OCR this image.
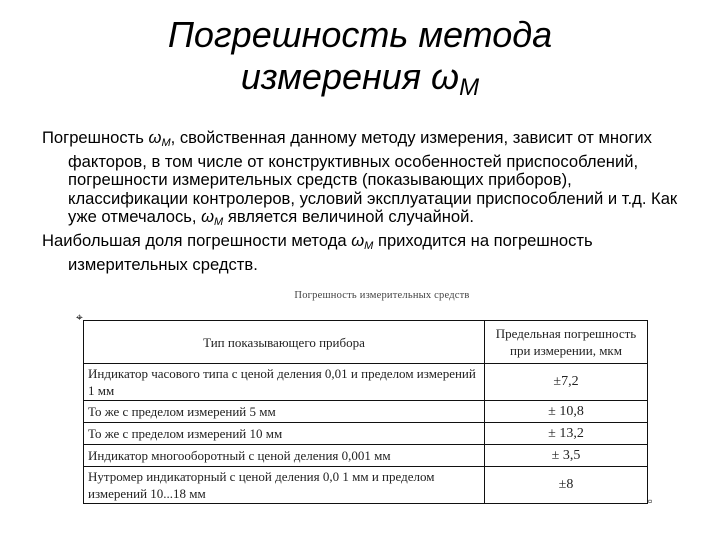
Погрешность метода
измерения ωM

Погрешность $\omega_M$, свойственная данному методу измерения, зависит от многих факторов, в том числе от конструктивных особенностей приспособлений, погрешности измерительных средств (показывающих приборов), классификации контролеров, условий эксплуатации приспособлений и т.д. Как уже отмечалось, $\omega_M$ является величиной случайной.

Наибольшая доля погрешности метода $\omega_M$ приходится на погрешность измерительных средств.

Погрешность измерительных средств
⌖
▫
Тип показывающего прибора	Предельная погрешность
при измерении, мкм
Индикатор часового типа с ценой деления 0,01 и пределом измерений 1 мм	±7,2
То же с пределом измерений 5 мм	± 10,8
То же с пределом измерений 10 мм	± 13,2
Индикатор многооборотный с ценой деления 0,001 мм	± 3,5
Нутромер индикаторный с ценой деления 0,0 1 мм и пределом измерений 10...18 мм	±8
